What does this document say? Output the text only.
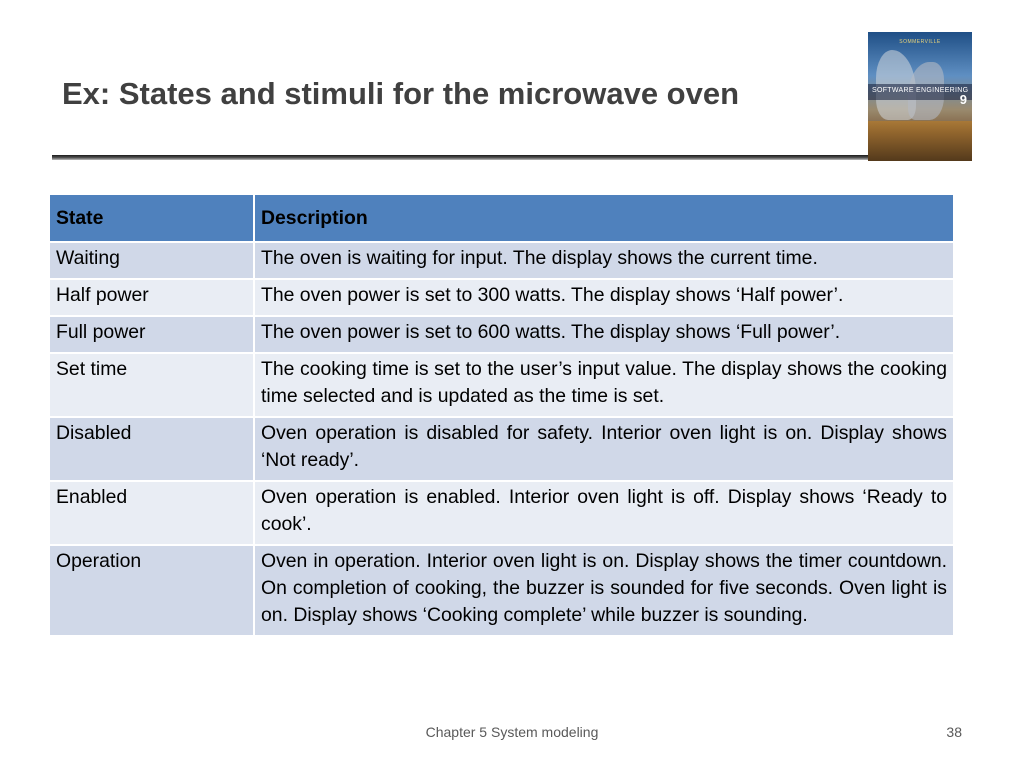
Ex: States and stimuli for the microwave oven
SOMMERVILLE
SOFTWARE ENGINEERING
9
State	Description
Waiting	The oven is waiting for input. The display shows the current time.
Half power	The oven power is set to 300 watts. The display shows ‘Half power’.
Full power	The oven power is set to 600 watts. The display shows ‘Full power’.
Set time	The cooking time is set to the user’s input value. The display shows the cooking time selected and is updated as the time is set.
Disabled	Oven operation is disabled for safety. Interior oven light is on. Display shows ‘Not ready’.
Enabled	Oven operation is enabled. Interior oven light is off. Display shows ‘Ready to cook’.
Operation	Oven in operation. Interior oven light is on. Display shows the timer countdown. On completion of cooking, the buzzer is sounded for five seconds. Oven light is on. Display shows ‘Cooking complete’ while buzzer is sounding.
Chapter 5 System modeling	38
